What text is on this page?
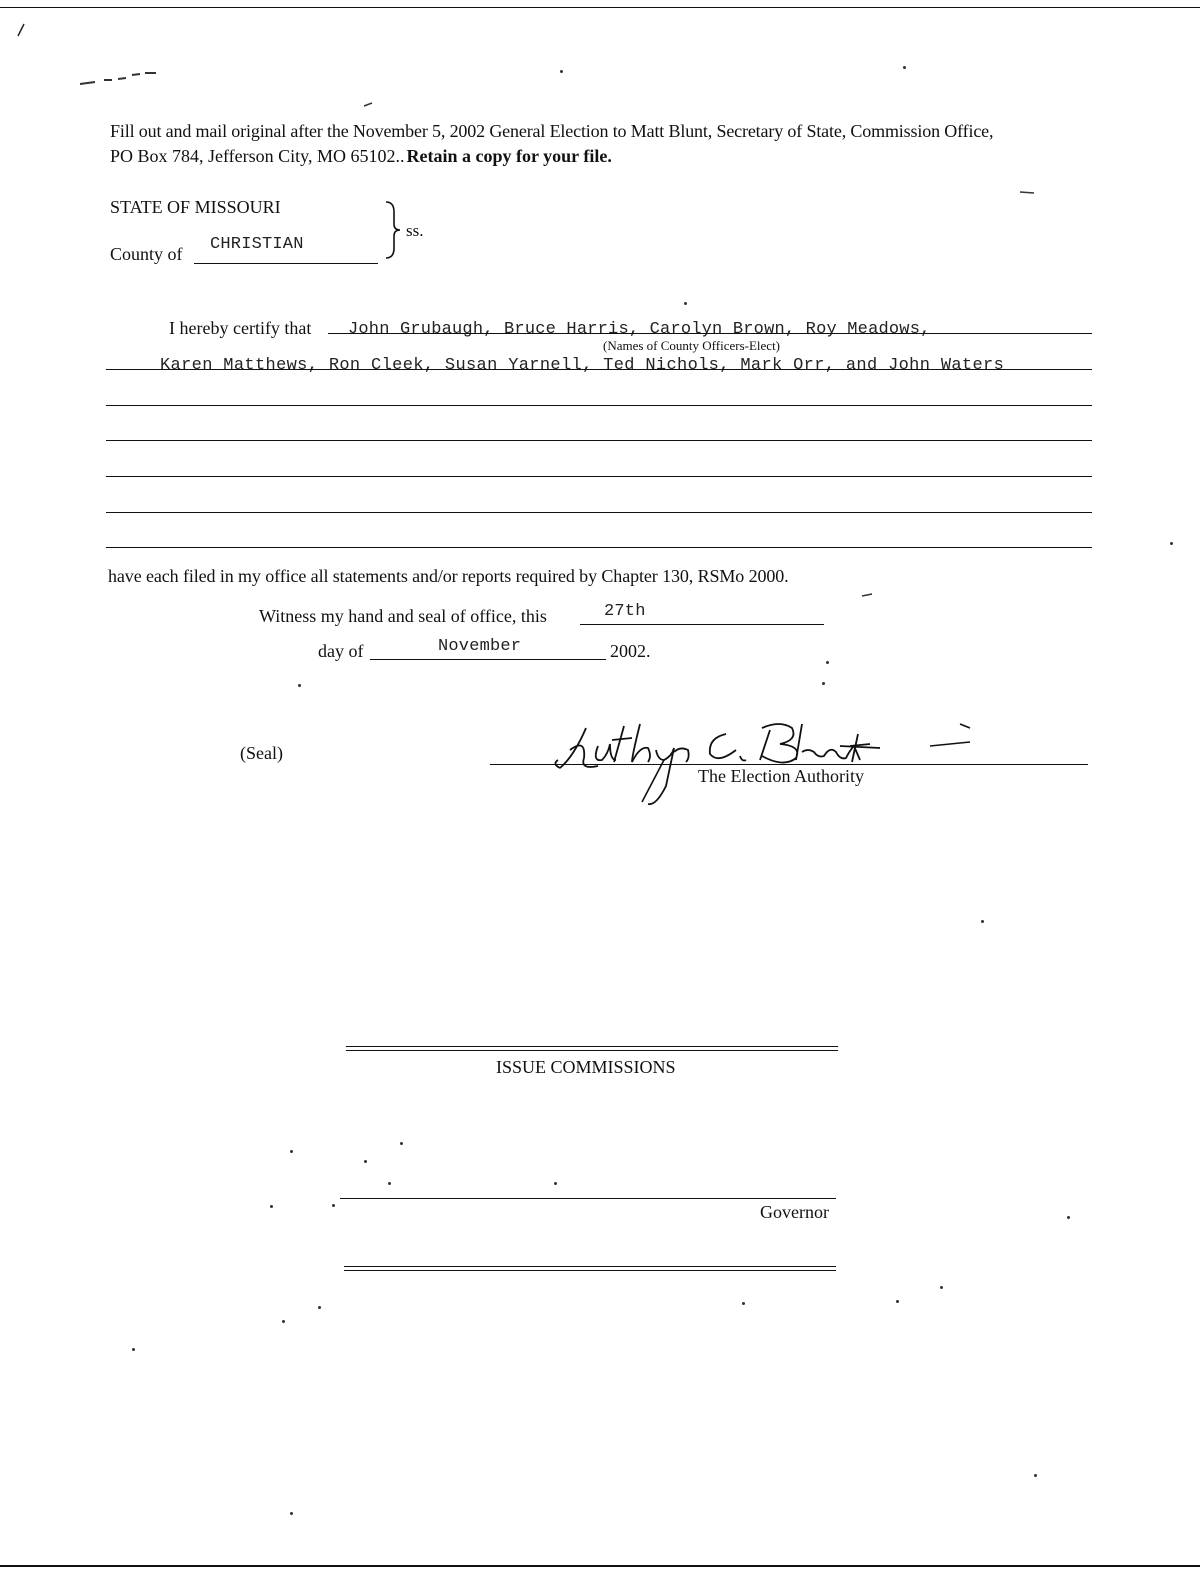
Fill out and mail original after the November 5, 2002 General Election to Matt Blunt, Secretary of State, Commission Office,
PO Box 784, Jefferson City, MO 65102.. Retain a copy for your file.
STATE OF MISSOURI
County of CHRISTIAN
ss.
I hereby certify that John Grubaugh, Bruce Harris, Carolyn Brown, Roy Meadows,
(Names of County Officers-Elect)
Karen Matthews, Ron Cleek, Susan Yarnell, Ted Nichols, Mark Orr, and John Waters
have each filed in my office all statements and/or reports required by Chapter 130, RSMo 2000.
Witness my hand and seal of office, this	27th
day of	November	2002.
(Seal)
The Election Authority
ISSUE COMMISSIONS
Governor
